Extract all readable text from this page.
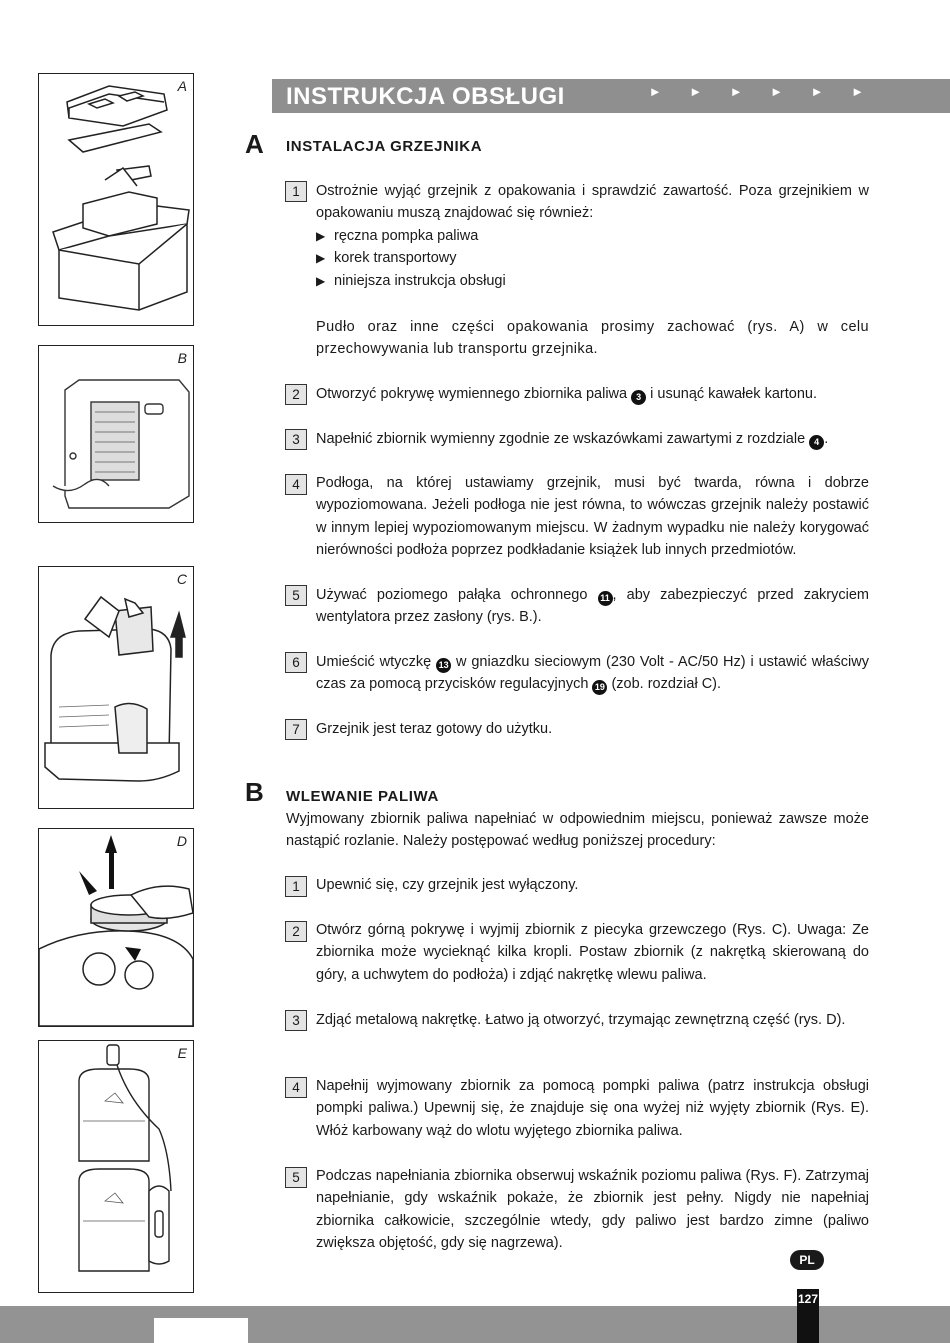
A
B
C
D
E
INSTRUKCJA OBSŁUGI	► ► ► ► ► ►
A INSTALACJA GRZEJNIKA
1	Ostrożnie wyjąć grzejnik z opakowania i sprawdzić zawartość. Poza grzejnikiem w opakowaniu muszą znajdować się również:
▶ ręczna pompka paliwa
▶ korek transportowy
▶ niniejsza instrukcja obsługi
Pudło oraz inne części opakowania prosimy zachować (rys. A) w celu przechowywania lub transportu grzejnika.
2	Otworzyć pokrywę wymiennego zbiornika paliwa 3 i usunąć kawałek kartonu.
3	Napełnić zbiornik wymienny zgodnie ze wskazówkami zawartymi z rozdziale 4 .
4	Podłoga, na której ustawiamy grzejnik, musi być twarda, równa i dobrze wypoziomowana. Jeżeli podłoga nie jest równa, to wówczas grzejnik należy postawić w innym lepiej wypoziomowanym miejscu. W żadnym wypadku nie należy korygować nierówności podłoża poprzez podkładanie książek lub innych przedmiotów.
5	Używać poziomego pałąka ochronnego 11 , aby zabezpieczyć przed zakryciem wentylatora przez zasłony (rys. B.).
6	Umieścić wtyczkę 13 w gniazdku sieciowym (230 Volt - AC/50 Hz) i ustawić właściwy czas za pomocą przycisków regulacyjnych 19 (zob. rozdział C).
7	Grzejnik jest teraz gotowy do użytku.
B WLEWANIE PALIWA
Wyjmowany zbiornik paliwa napełniać w odpowiednim miejscu, ponieważ zawsze może nastąpić rozlanie. Należy postępować według poniższej procedury:
1	Upewnić się, czy grzejnik jest wyłączony.
2	Otwórz górną pokrywę i wyjmij zbiornik z piecyka grzewczego (Rys. C). Uwaga: Ze zbiornika może wyciekną̨ć kilka kropli. Postaw zbiornik (z nakrętką skierowaną do góry, a uchwytem do podłoża) i zdjąć nakrętkę wlewu paliwa.
3	Zdjąć metalową nakrętkę. Łatwo ją otworzyć, trzymając zewnętrzną część (rys. D).
4	Napełnij wyjmowany zbiornik za pomocą pompki paliwa (patrz instrukcja obsługi pompki paliwa.) Upewnij się, że znajduje się ona wyżej niż wyjęty zbiornik (Rys. E). Włóż karbowany wąż do wlotu wyjętego zbiornika paliwa.
5	Podczas napełniania zbiornika obserwuj wskaźnik poziomu paliwa (Rys. F). Zatrzymaj napełnianie, gdy wskaźnik pokaże, że zbiornik jest pełny. Nigdy nie napełniaj zbiornika całkowicie, szczególnie wtedy, gdy paliwo jest bardzo zimne (paliwo zwiększa objętość, gdy się nagrzewa).
PL
127
